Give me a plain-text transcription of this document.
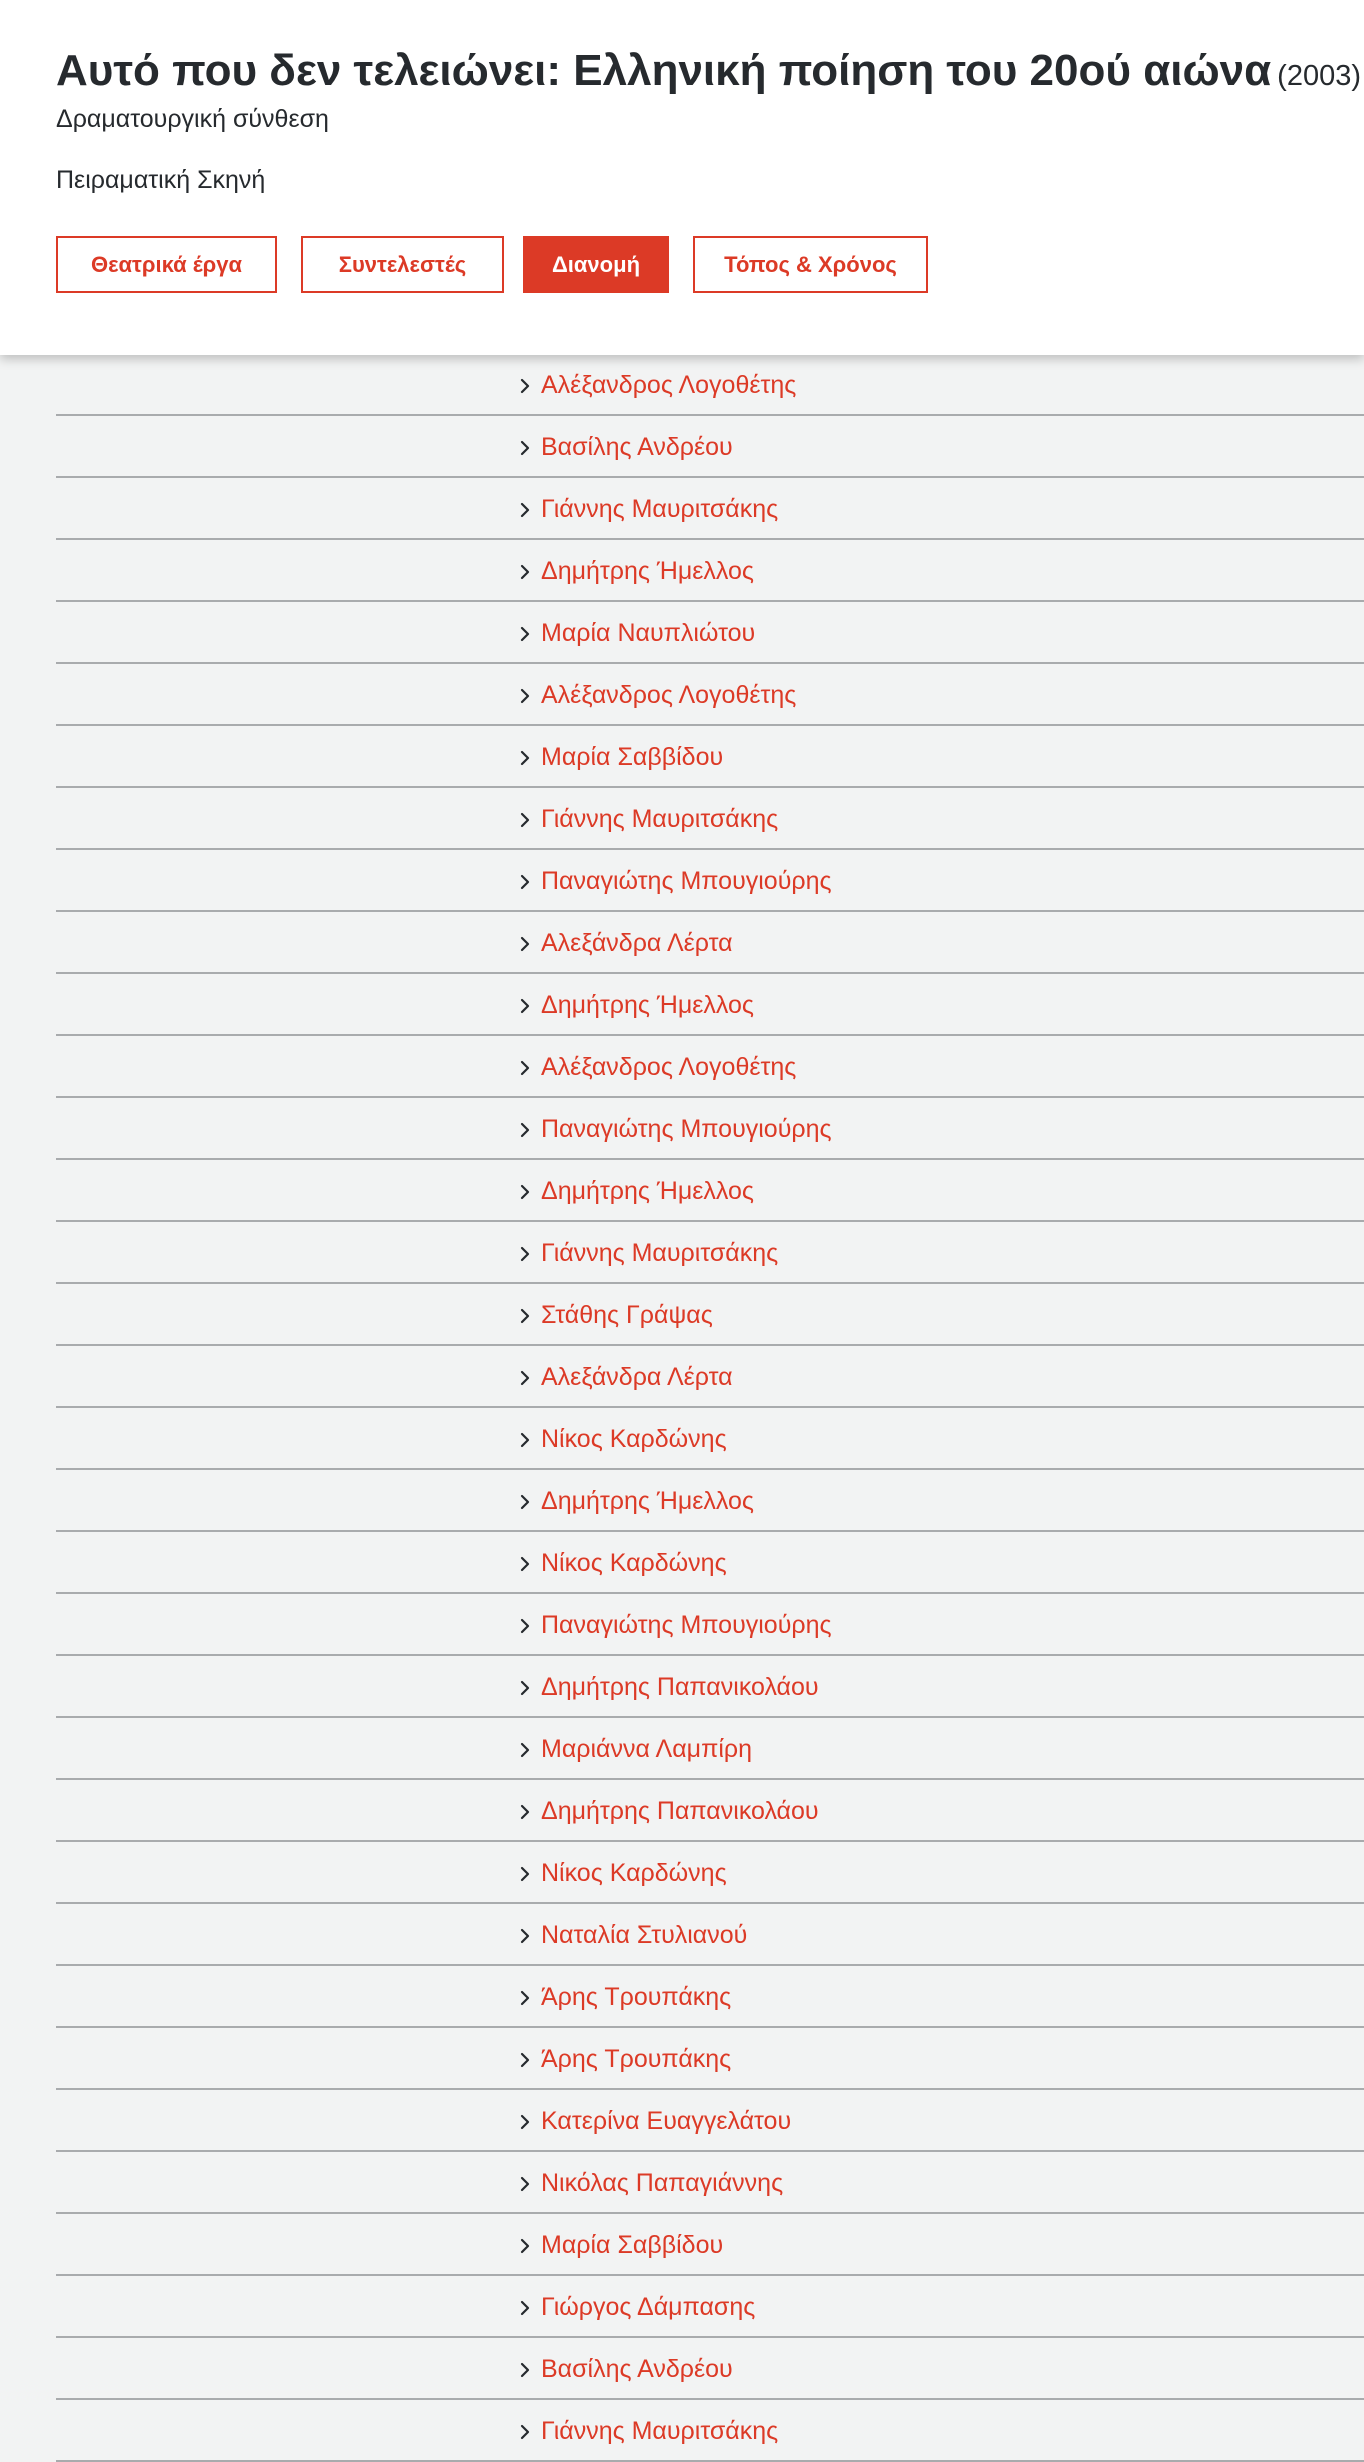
Αυτό που δεν τελειώνει: Ελληνική ποίηση του 20ού αιώνα (2003)
Δραματουργική σύνθεση
Πειραματική Σκηνή
Θεατρικά έργα	Συντελεστές	Διανομή	Τόπος & Χρόνος
Αλέξανδρος Λογοθέτης
Βασίλης Ανδρέου
Γιάννης Μαυριτσάκης
Δημήτρης Ήμελλος
Μαρία Ναυπλιώτου
Αλέξανδρος Λογοθέτης
Μαρία Σαββίδου
Γιάννης Μαυριτσάκης
Παναγιώτης Μπουγιούρης
Αλεξάνδρα Λέρτα
Δημήτρης Ήμελλος
Αλέξανδρος Λογοθέτης
Παναγιώτης Μπουγιούρης
Δημήτρης Ήμελλος
Γιάννης Μαυριτσάκης
Στάθης Γράψας
Αλεξάνδρα Λέρτα
Νίκος Καρδώνης
Δημήτρης Ήμελλος
Νίκος Καρδώνης
Παναγιώτης Μπουγιούρης
Δημήτρης Παπανικολάου
Μαριάννα Λαμπίρη
Δημήτρης Παπανικολάου
Νίκος Καρδώνης
Ναταλία Στυλιανού
Άρης Τρουπάκης
Άρης Τρουπάκης
Κατερίνα Ευαγγελάτου
Νικόλας Παπαγιάννης
Μαρία Σαββίδου
Γιώργος Δάμπασης
Βασίλης Ανδρέου
Γιάννης Μαυριτσάκης
